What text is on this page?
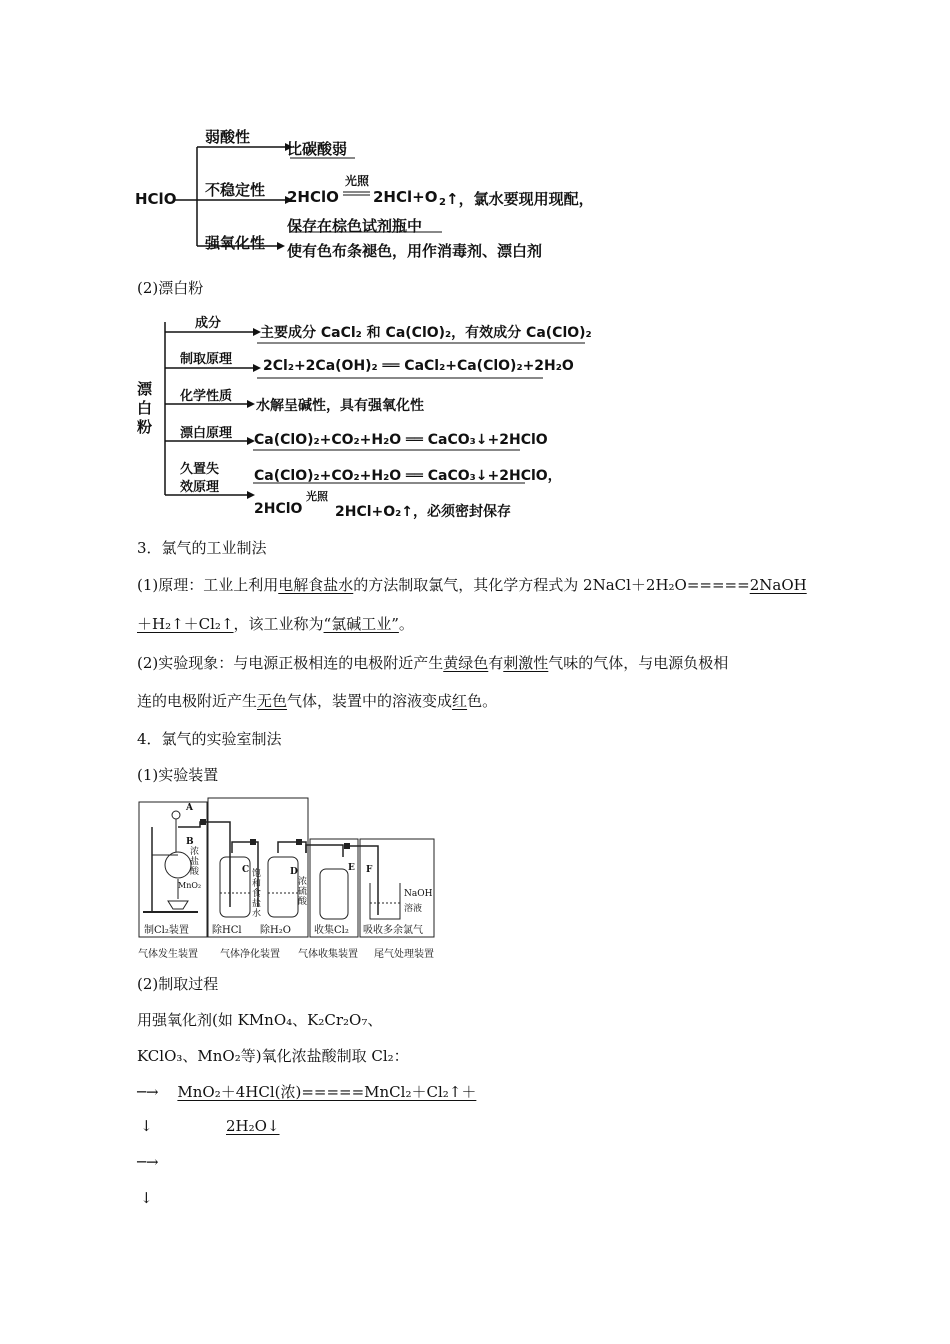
HClO
弱酸性
比碳酸弱
不稳定性 2HClO
光照
2HCl+O 2 ↑，氯水要现用现配，
保存在棕色试剂瓶中
强氧化性 使有色布条褪色，用作消毒剂、漂白剂
(2)漂白粉
漂白粉
成分
主要成分 CaCl₂ 和 Ca(ClO)₂，有效成分 Ca(ClO)₂
制取原理 2Cl₂+2Ca(OH)₂ ══ CaCl₂+Ca(ClO)₂+2H₂O
化学性质
水解呈碱性，具有强氧化性
漂白原理 Ca(ClO)₂+CO₂+H₂O ══ CaCO₃↓+2HClO
久置失
效原理
Ca(ClO)₂+CO₂+H₂O ══ CaCO₃↓+2HClO，
2HClO
光照
2HCl+O₂↑，必须密封保存
3．氯气的工业制法
(1)原理：工业上利用电解食盐水的方法制取氯气，其化学方程式为 2NaCl＋2H₂O=====2NaOH
＋H₂↑＋Cl₂↑，该工业称为“氯碱工业”。
(2)实验现象：与电源正极相连的电极附近产生黄绿色有刺激性气味的气体，与电源负极相
连的电极附近产生无色气体，装置中的溶液变成红色。
4．氯气的实验室制法
(1)实验装置
A
B
浓盐酸
MnO₂
C 饱和食盐水
D
浓硫酸
E F
NaOH
溶液
制Cl₂装置 除HCl 除H₂O 收集Cl₂ 吸收多余氯气
气体发生装置 气体净化装置 气体收集装置 尾气处理装置
(2)制取过程
用强氧化剂(如 KMnO₄、K₂Cr₂O₇、
KClO₃、MnO₂等)氧化浓盐酸制取 Cl₂：
─→ MnO₂＋4HCl(浓)=====MnCl₂＋Cl₂↑＋
↓	2H₂O↓
─→
↓
